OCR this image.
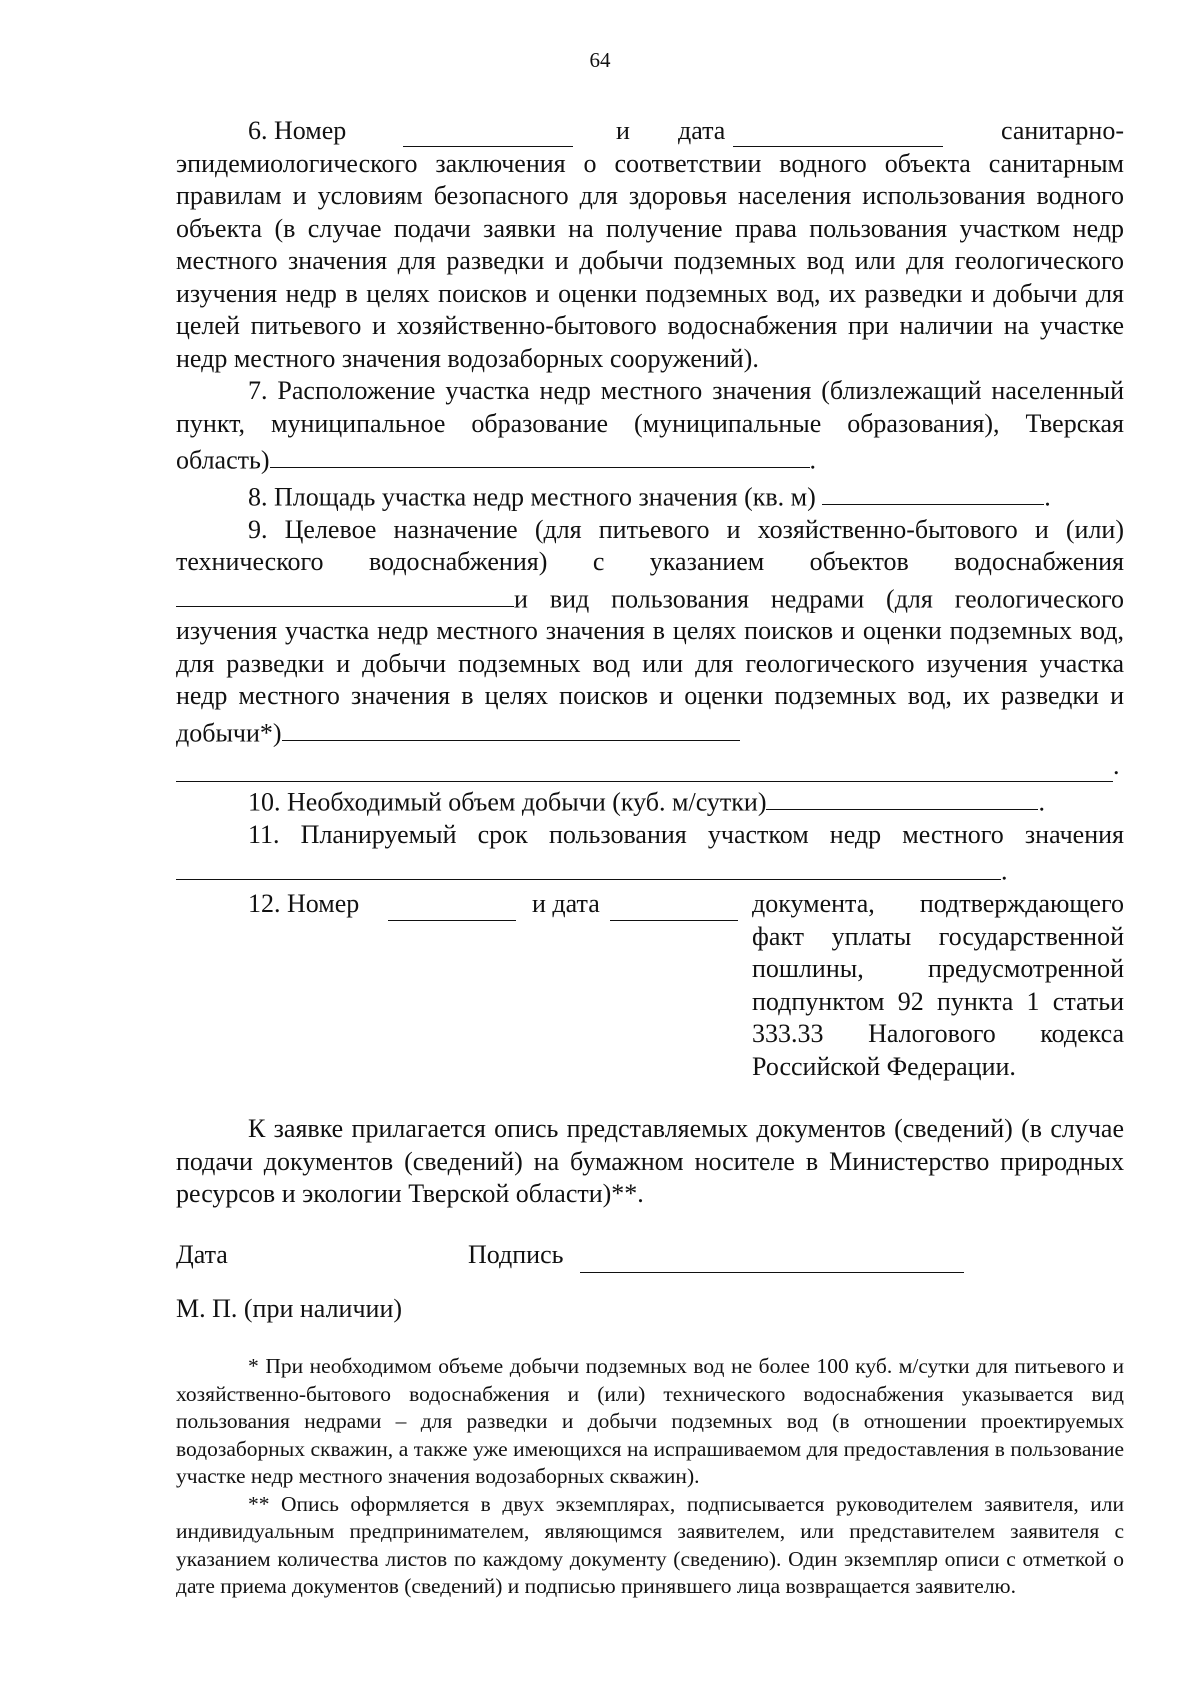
64
6. Номер	и дата	санитарно-

эпидемиологического заключения о соответствии водного объекта санитарным правилам и условиям безопасного для здоровья населения использования водного объекта (в случае подачи заявки на получение права пользования участком недр местного значения для разведки и добычи подземных вод или для геологического изучения недр в целях поисков и оценки подземных вод, их разведки и добычи для целей питьевого и хозяйственно-бытового водоснабжения при наличии на участке недр местного значения водозаборных сооружений).

7. Расположение участка недр местного значения (близлежащий населенный пункт, муниципальное образование (муниципальные образования), Тверская область)	.

8. Площадь участка недр местного значения (кв. м)	.

9. Целевое назначение (для питьевого и хозяйственно-бытового и (или) технического водоснабжения) с указанием объектов водоснабжения и вид пользования недрами (для геологического изучения участка недр местного значения в целях поисков и оценки подземных вод, для разведки и добычи подземных вод или для геологического изучения участка недр местного значения в целях поисков и оценки подземных вод, их разведки и добычи*)

.

10. Необходимый объем добычи (куб. м/сутки)	.

11. Планируемый срок пользования участком недр местного значения.

12. Номер	и дата	документа, подтверждающего факт уплаты государственной пошлины, предусмотренной подпунктом 92 пункта 1 статьи 333.33 Налогового кодекса Российской Федерации.

К заявке прилагается опись представляемых документов (сведений) (в случае подачи документов (сведений) на бумажном носителе в Министерство природных ресурсов и экологии Тверской области)**.

Дата	Подпись
М. П. (при наличии)

* При необходимом объеме добычи подземных вод не более 100 куб. м/сутки для питьевого и хозяйственно-бытового водоснабжения и (или) технического водоснабжения указывается вид пользования недрами – для разведки и добычи подземных вод (в отношении проектируемых водозаборных скважин, а также уже имеющихся на испрашиваемом для предоставления в пользование участке недр местного значения водозаборных скважин).

** Опись оформляется в двух экземплярах, подписывается руководителем заявителя, или индивидуальным предпринимателем, являющимся заявителем, или представителем заявителя с указанием количества листов по каждому документу (сведению). Один экземпляр описи с отметкой о дате приема документов (сведений) и подписью принявшего лица возвращается заявителю.
